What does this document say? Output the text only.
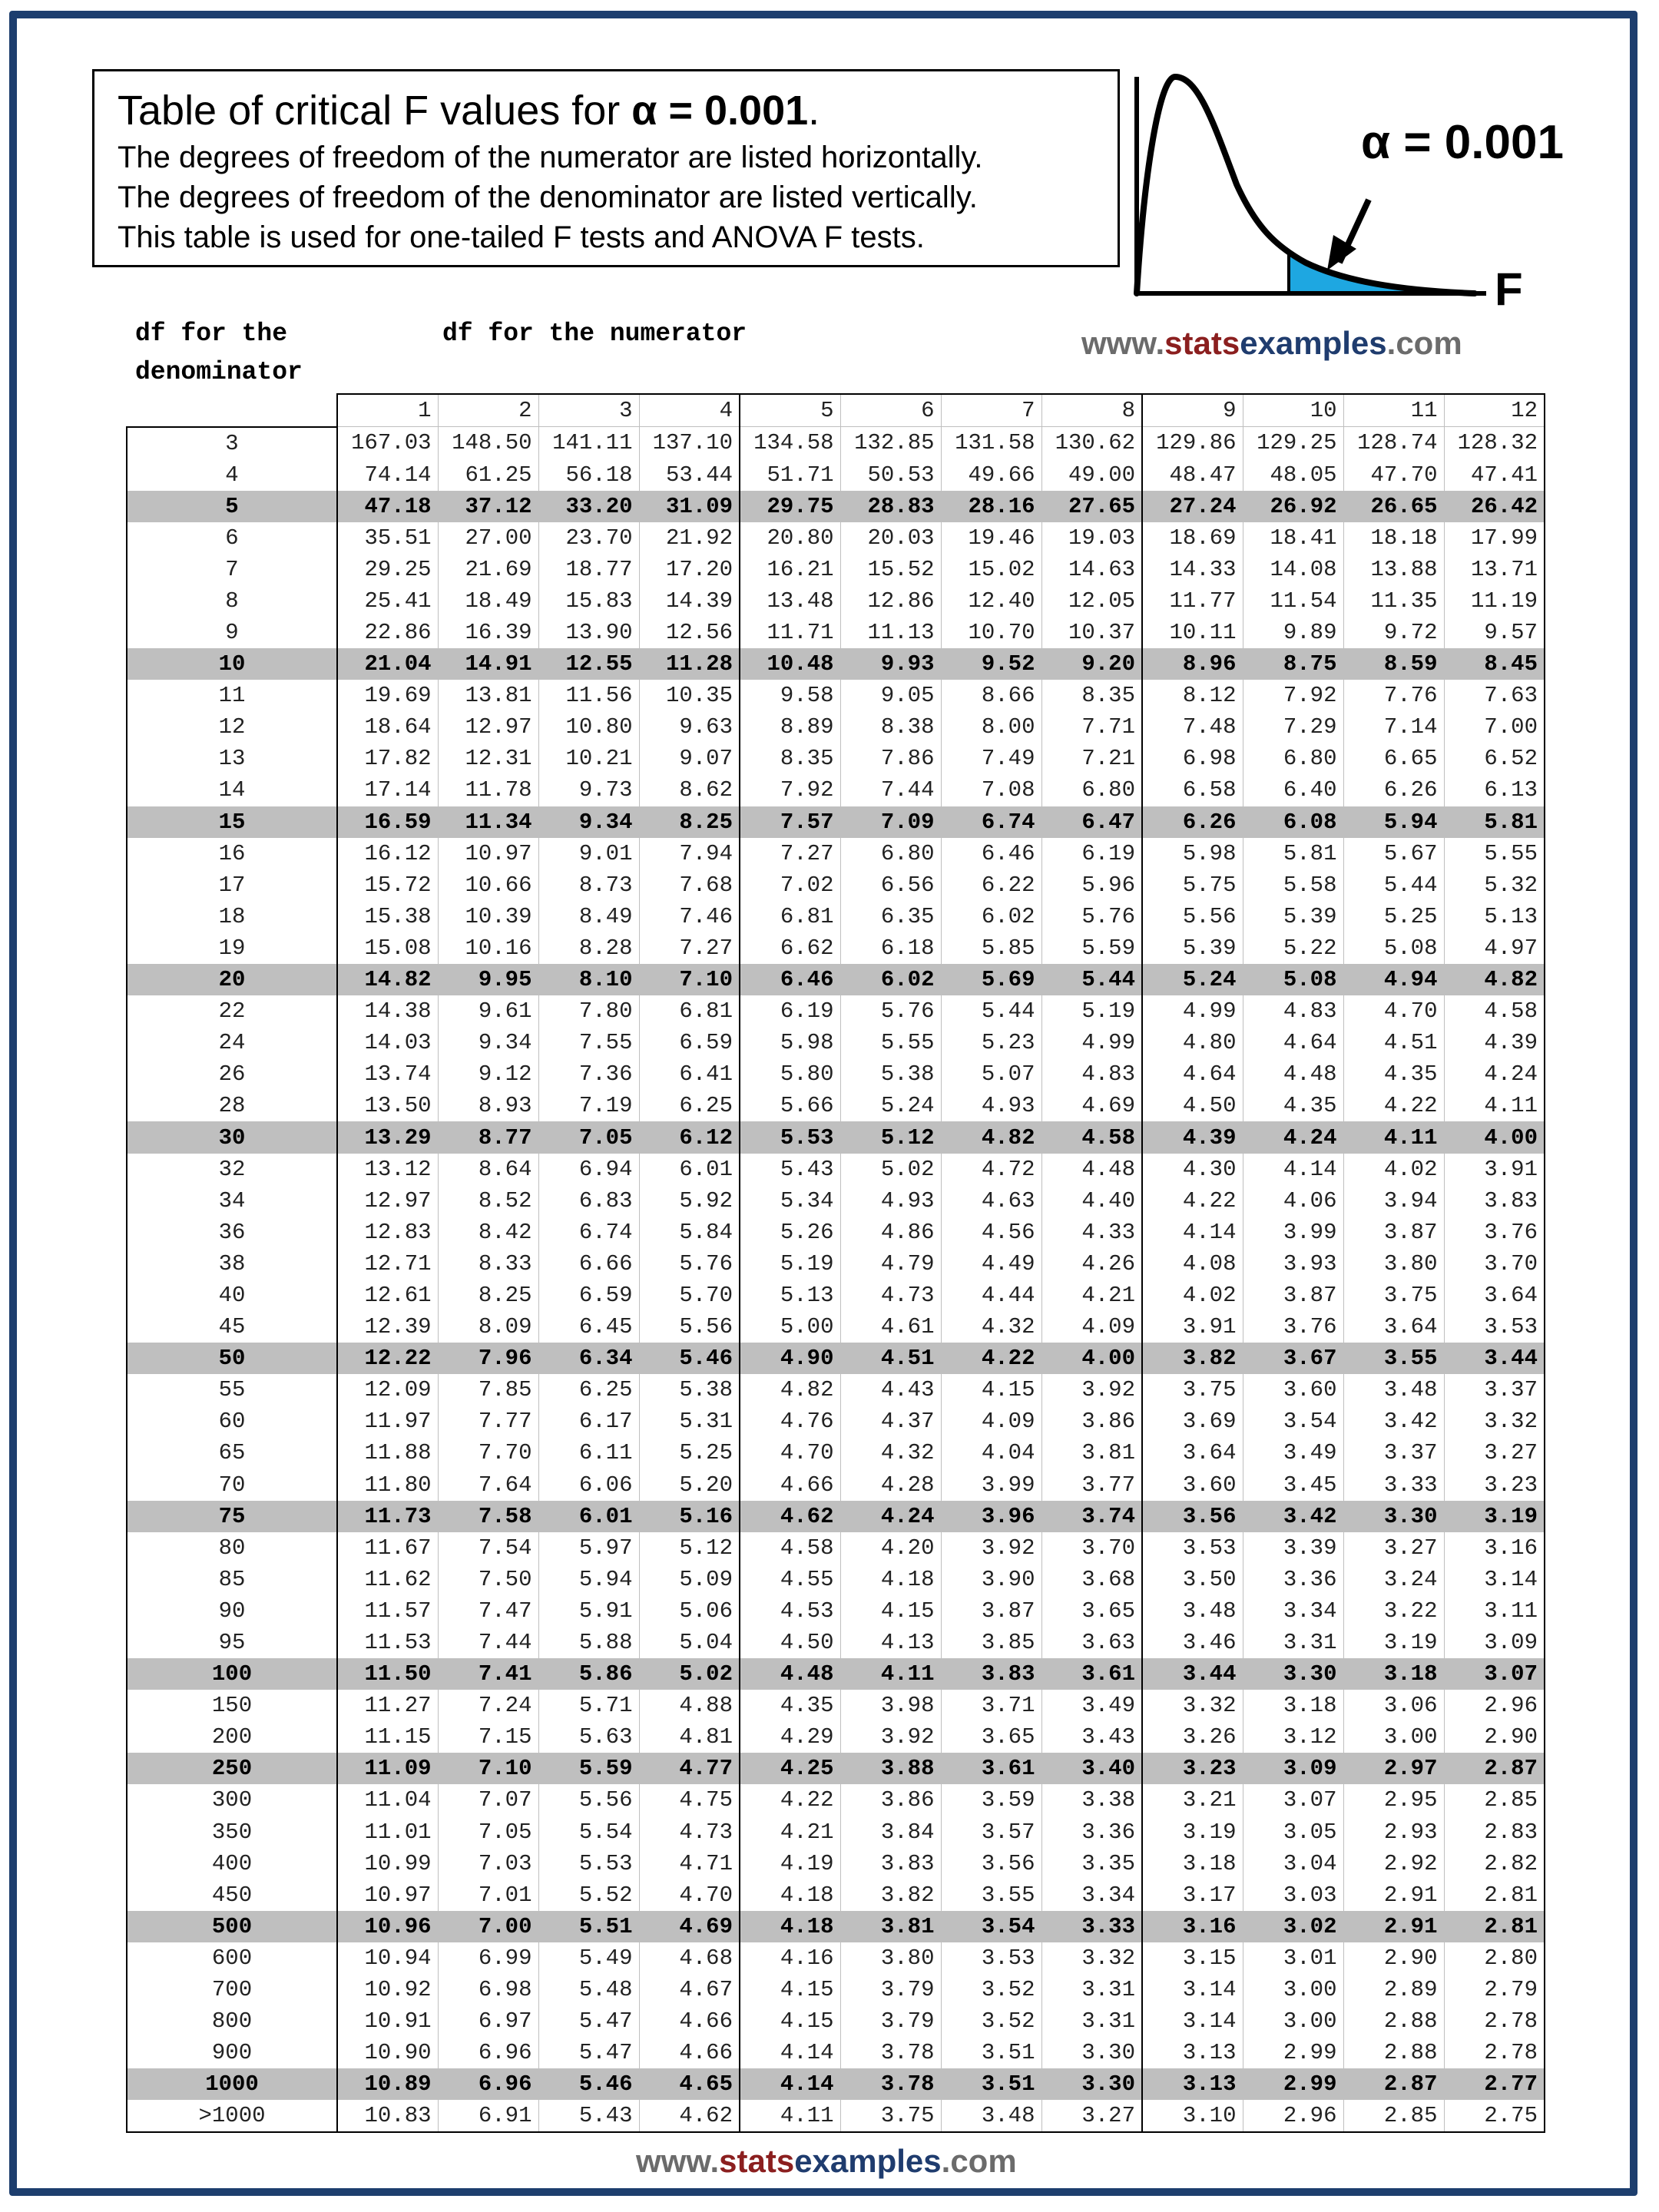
Table of critical F values for α = 0.001.
The degrees of freedom of the numerator are listed horizontally.
The degrees of freedom of the denominator are listed vertically.
This table is used for one-tailed F tests and ANOVA F tests.
α = 0.001
F
df for the
denominator
df for the numerator	www.statsexamples.com
www.statsexamples.com
	1	2	3	4	5	6	7	8	9	10	11	12
3	167.03	148.50	141.11	137.10	134.58	132.85	131.58	130.62	129.86	129.25	128.74	128.32
4	74.14	61.25	56.18	53.44	51.71	50.53	49.66	49.00	48.47	48.05	47.70	47.41
5	47.18	37.12	33.20	31.09	29.75	28.83	28.16	27.65	27.24	26.92	26.65	26.42
6	35.51	27.00	23.70	21.92	20.80	20.03	19.46	19.03	18.69	18.41	18.18	17.99
7	29.25	21.69	18.77	17.20	16.21	15.52	15.02	14.63	14.33	14.08	13.88	13.71
8	25.41	18.49	15.83	14.39	13.48	12.86	12.40	12.05	11.77	11.54	11.35	11.19
9	22.86	16.39	13.90	12.56	11.71	11.13	10.70	10.37	10.11	9.89	9.72	9.57
10	21.04	14.91	12.55	11.28	10.48	9.93	9.52	9.20	8.96	8.75	8.59	8.45
11	19.69	13.81	11.56	10.35	9.58	9.05	8.66	8.35	8.12	7.92	7.76	7.63
12	18.64	12.97	10.80	9.63	8.89	8.38	8.00	7.71	7.48	7.29	7.14	7.00
13	17.82	12.31	10.21	9.07	8.35	7.86	7.49	7.21	6.98	6.80	6.65	6.52
14	17.14	11.78	9.73	8.62	7.92	7.44	7.08	6.80	6.58	6.40	6.26	6.13
15	16.59	11.34	9.34	8.25	7.57	7.09	6.74	6.47	6.26	6.08	5.94	5.81
16	16.12	10.97	9.01	7.94	7.27	6.80	6.46	6.19	5.98	5.81	5.67	5.55
17	15.72	10.66	8.73	7.68	7.02	6.56	6.22	5.96	5.75	5.58	5.44	5.32
18	15.38	10.39	8.49	7.46	6.81	6.35	6.02	5.76	5.56	5.39	5.25	5.13
19	15.08	10.16	8.28	7.27	6.62	6.18	5.85	5.59	5.39	5.22	5.08	4.97
20	14.82	9.95	8.10	7.10	6.46	6.02	5.69	5.44	5.24	5.08	4.94	4.82
22	14.38	9.61	7.80	6.81	6.19	5.76	5.44	5.19	4.99	4.83	4.70	4.58
24	14.03	9.34	7.55	6.59	5.98	5.55	5.23	4.99	4.80	4.64	4.51	4.39
26	13.74	9.12	7.36	6.41	5.80	5.38	5.07	4.83	4.64	4.48	4.35	4.24
28	13.50	8.93	7.19	6.25	5.66	5.24	4.93	4.69	4.50	4.35	4.22	4.11
30	13.29	8.77	7.05	6.12	5.53	5.12	4.82	4.58	4.39	4.24	4.11	4.00
32	13.12	8.64	6.94	6.01	5.43	5.02	4.72	4.48	4.30	4.14	4.02	3.91
34	12.97	8.52	6.83	5.92	5.34	4.93	4.63	4.40	4.22	4.06	3.94	3.83
36	12.83	8.42	6.74	5.84	5.26	4.86	4.56	4.33	4.14	3.99	3.87	3.76
38	12.71	8.33	6.66	5.76	5.19	4.79	4.49	4.26	4.08	3.93	3.80	3.70
40	12.61	8.25	6.59	5.70	5.13	4.73	4.44	4.21	4.02	3.87	3.75	3.64
45	12.39	8.09	6.45	5.56	5.00	4.61	4.32	4.09	3.91	3.76	3.64	3.53
50	12.22	7.96	6.34	5.46	4.90	4.51	4.22	4.00	3.82	3.67	3.55	3.44
55	12.09	7.85	6.25	5.38	4.82	4.43	4.15	3.92	3.75	3.60	3.48	3.37
60	11.97	7.77	6.17	5.31	4.76	4.37	4.09	3.86	3.69	3.54	3.42	3.32
65	11.88	7.70	6.11	5.25	4.70	4.32	4.04	3.81	3.64	3.49	3.37	3.27
70	11.80	7.64	6.06	5.20	4.66	4.28	3.99	3.77	3.60	3.45	3.33	3.23
75	11.73	7.58	6.01	5.16	4.62	4.24	3.96	3.74	3.56	3.42	3.30	3.19
80	11.67	7.54	5.97	5.12	4.58	4.20	3.92	3.70	3.53	3.39	3.27	3.16
85	11.62	7.50	5.94	5.09	4.55	4.18	3.90	3.68	3.50	3.36	3.24	3.14
90	11.57	7.47	5.91	5.06	4.53	4.15	3.87	3.65	3.48	3.34	3.22	3.11
95	11.53	7.44	5.88	5.04	4.50	4.13	3.85	3.63	3.46	3.31	3.19	3.09
100	11.50	7.41	5.86	5.02	4.48	4.11	3.83	3.61	3.44	3.30	3.18	3.07
150	11.27	7.24	5.71	4.88	4.35	3.98	3.71	3.49	3.32	3.18	3.06	2.96
200	11.15	7.15	5.63	4.81	4.29	3.92	3.65	3.43	3.26	3.12	3.00	2.90
250	11.09	7.10	5.59	4.77	4.25	3.88	3.61	3.40	3.23	3.09	2.97	2.87
300	11.04	7.07	5.56	4.75	4.22	3.86	3.59	3.38	3.21	3.07	2.95	2.85
350	11.01	7.05	5.54	4.73	4.21	3.84	3.57	3.36	3.19	3.05	2.93	2.83
400	10.99	7.03	5.53	4.71	4.19	3.83	3.56	3.35	3.18	3.04	2.92	2.82
450	10.97	7.01	5.52	4.70	4.18	3.82	3.55	3.34	3.17	3.03	2.91	2.81
500	10.96	7.00	5.51	4.69	4.18	3.81	3.54	3.33	3.16	3.02	2.91	2.81
600	10.94	6.99	5.49	4.68	4.16	3.80	3.53	3.32	3.15	3.01	2.90	2.80
700	10.92	6.98	5.48	4.67	4.15	3.79	3.52	3.31	3.14	3.00	2.89	2.79
800	10.91	6.97	5.47	4.66	4.15	3.79	3.52	3.31	3.14	3.00	2.88	2.78
900	10.90	6.96	5.47	4.66	4.14	3.78	3.51	3.30	3.13	2.99	2.88	2.78
1000	10.89	6.96	5.46	4.65	4.14	3.78	3.51	3.30	3.13	2.99	2.87	2.77
>1000	10.83	6.91	5.43	4.62	4.11	3.75	3.48	3.27	3.10	2.96	2.85	2.75
